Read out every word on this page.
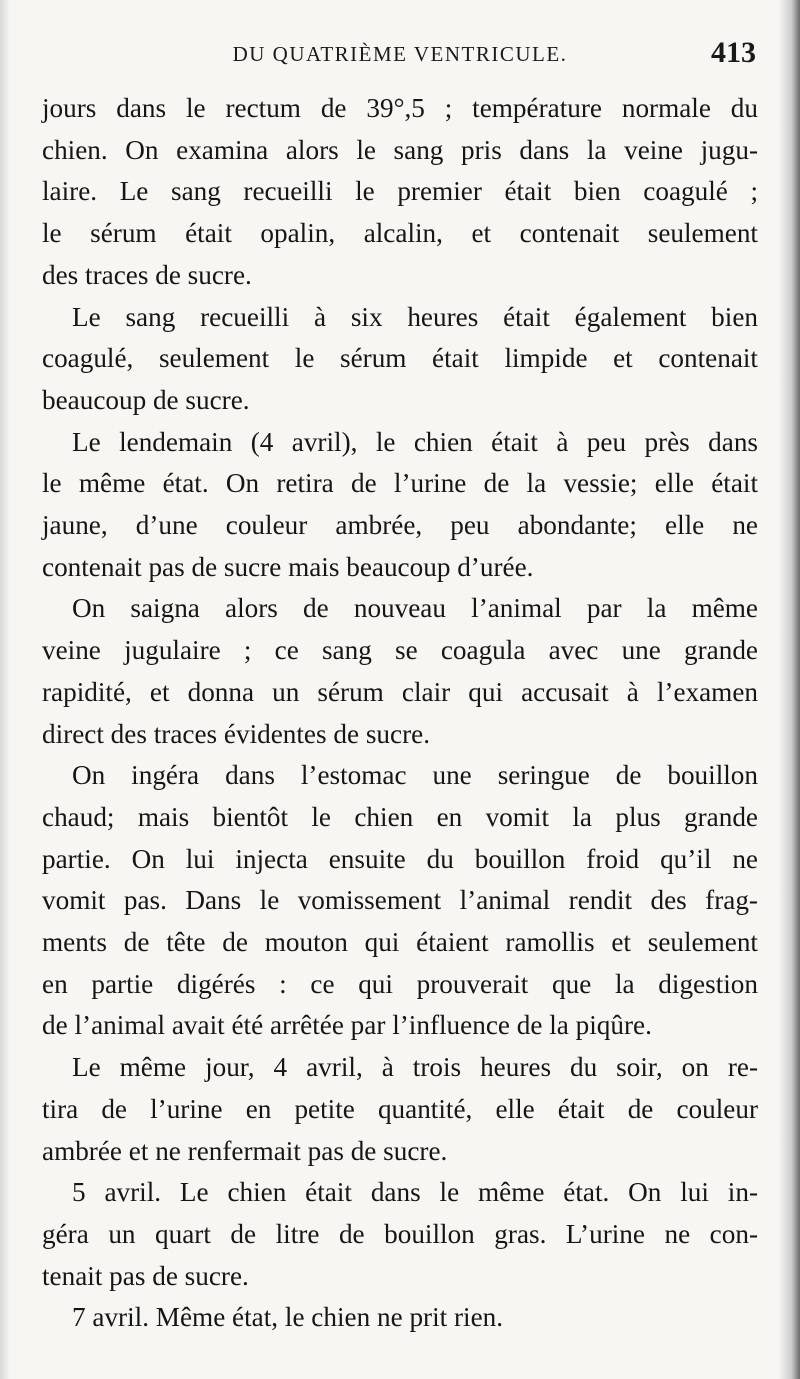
DU QUATRIÈME VENTRICULE.	413

jours dans le rectum de 39°,5 ; température normale du
chien. On examina alors le sang pris dans la veine jugu-
laire. Le sang recueilli le premier était bien coagulé ;
le sérum était opalin, alcalin, et contenait seulement
des traces de sucre.

Le sang recueilli à six heures était également bien
coagulé, seulement le sérum était limpide et contenait
beaucoup de sucre.

Le lendemain (4 avril), le chien était à peu près dans
le même état. On retira de l’urine de la vessie; elle était
jaune, d’une couleur ambrée, peu abondante; elle ne
contenait pas de sucre mais beaucoup d’urée.

On saigna alors de nouveau l’animal par la même
veine jugulaire ; ce sang se coagula avec une grande
rapidité, et donna un sérum clair qui accusait à l’examen
direct des traces évidentes de sucre.

On ingéra dans l’estomac une seringue de bouillon
chaud; mais bientôt le chien en vomit la plus grande
partie. On lui injecta ensuite du bouillon froid qu’il ne
vomit pas. Dans le vomissement l’animal rendit des frag-
ments de tête de mouton qui étaient ramollis et seulement
en partie digérés : ce qui prouverait que la digestion
de l’animal avait été arrêtée par l’influence de la piqûre.

Le même jour, 4 avril, à trois heures du soir, on re-
tira de l’urine en petite quantité, elle était de couleur
ambrée et ne renfermait pas de sucre.

5 avril. Le chien était dans le même état. On lui in-
géra un quart de litre de bouillon gras. L’urine ne con-
tenait pas de sucre.

7 avril. Même état, le chien ne prit rien.
